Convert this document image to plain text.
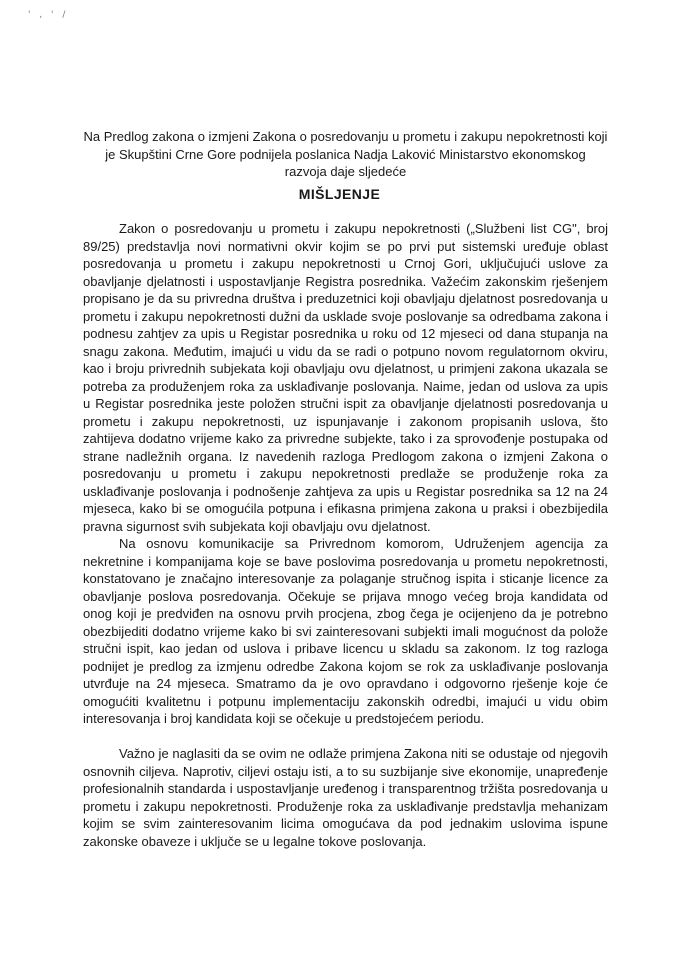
' , ' /
Na Predlog zakona o izmjeni Zakona o posredovanju u prometu i zakupu nepokretnosti koji je Skupštini Crne Gore podnijela poslanica Nadja Laković Ministarstvo ekonomskog razvoja daje sljedeće
MIŠLJENJE

Zakon o posredovanju u prometu i zakupu nepokretnosti („Službeni list CG", broj 89/25) predstavlja novi normativni okvir kojim se po prvi put sistemski uređuje oblast posredovanja u prometu i zakupu nepokretnosti u Crnoj Gori, uključujući uslove za obavljanje djelatnosti i uspostavljanje Registra posrednika. Važećim zakonskim rješenjem propisano je da su privredna društva i preduzetnici koji obavljaju djelatnost posredovanja u prometu i zakupu nepokretnosti dužni da usklade svoje poslovanje sa odredbama zakona i podnesu zahtjev za upis u Registar posrednika u roku od 12 mjeseci od dana stupanja na snagu zakona. Međutim, imajući u vidu da se radi o potpuno novom regulatornom okviru, kao i broju privrednih subjekata koji obavljaju ovu djelatnost, u primjeni zakona ukazala se potreba za produženjem roka za usklađivanje poslovanja. Naime, jedan od uslova za upis u Registar posrednika jeste položen stručni ispit za obavljanje djelatnosti posredovanja u prometu i zakupu nepokretnosti, uz ispunjavanje i zakonom propisanih uslova, što zahtijeva dodatno vrijeme kako za privredne subjekte, tako i za sprovođenje postupaka od strane nadležnih organa. Iz navedenih razloga Predlogom zakona o izmjeni Zakona o posredovanju u prometu i zakupu nepokretnosti predlaže se produženje roka za usklađivanje poslovanja i podnošenje zahtjeva za upis u Registar posrednika sa 12 na 24 mjeseca, kako bi se omogućila potpuna i efikasna primjena zakona u praksi i obezbijedila pravna sigurnost svih subjekata koji obavljaju ovu djelatnost.

Na osnovu komunikacije sa Privrednom komorom, Udruženjem agencija za nekretnine i kompanijama koje se bave poslovima posredovanja u prometu nepokretnosti, konstatovano je značajno interesovanje za polaganje stručnog ispita i sticanje licence za obavljanje poslova posredovanja. Očekuje se prijava mnogo većeg broja kandidata od onog koji je predviđen na osnovu prvih procjena, zbog čega je ocijenjeno da je potrebno obezbijediti dodatno vrijeme kako bi svi zainteresovani subjekti imali mogućnost da polože stručni ispit, kao jedan od uslova i pribave licencu u skladu sa zakonom. Iz tog razloga podnijet je predlog za izmjenu odredbe Zakona kojom se rok za usklađivanje poslovanja utvrđuje na 24 mjeseca. Smatramo da je ovo opravdano i odgovorno rješenje koje će omogućiti kvalitetnu i potpunu implementaciju zakonskih odredbi, imajući u vidu obim interesovanja i broj kandidata koji se očekuje u predstojećem periodu.

Važno je naglasiti da se ovim ne odlaže primjena Zakona niti se odustaje od njegovih osnovnih ciljeva. Naprotiv, ciljevi ostaju isti, a to su suzbijanje sive ekonomije, unapređenje profesionalnih standarda i uspostavljanje uređenog i transparentnog tržišta posredovanja u prometu i zakupu nepokretnosti. Produženje roka za usklađivanje predstavlja mehanizam kojim se svim zainteresovanim licima omogućava da pod jednakim uslovima ispune zakonske obaveze i uključe se u legalne tokove poslovanja.
